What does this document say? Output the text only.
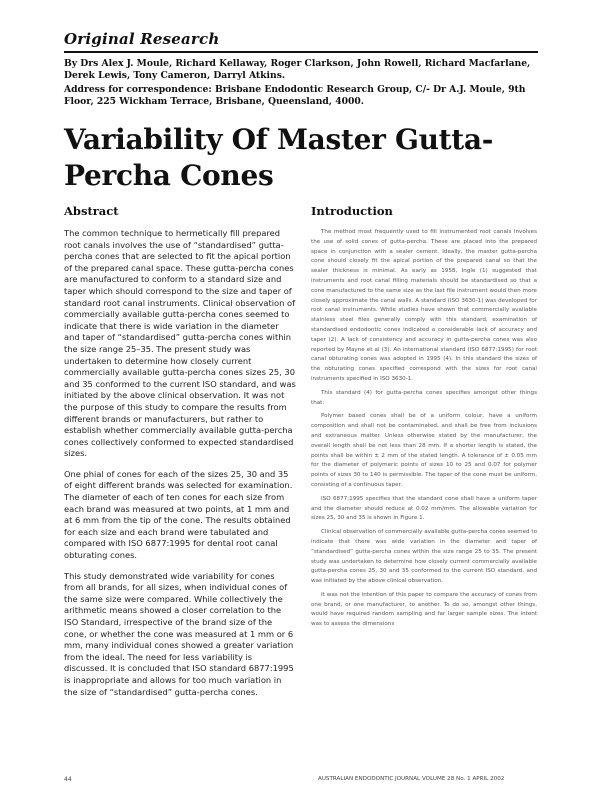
Original Research
By Drs Alex J. Moule, Richard Kellaway, Roger Clarkson, John Rowell, Richard Macfarlane, Derek Lewis, Tony Cameron, Darryl Atkins.
Address for correspondence: Brisbane Endodontic Research Group, C/- Dr A.J. Moule, 9th Floor, 225 Wickham Terrace, Brisbane, Queensland, 4000.
Variability Of Master Gutta-Percha Cones
Abstract	Introduction

The common technique to hermetically fill prepared root canals involves the use of “standardised” gutta-percha cones that are selected to fit the apical portion of the prepared canal space. These gutta-percha cones are manufactured to conform to a standard size and taper which should correspond to the size and taper of standard root canal instruments. Clinical observation of commercially available gutta-percha cones seemed to indicate that there is wide variation in the diameter and taper of “standardised” gutta-percha cones within the size range 25–35. The present study was undertaken to determine how closely current commercially available gutta-percha cones sizes 25, 30 and 35 conformed to the current ISO standard, and was initiated by the above clinical observation. It was not the purpose of this study to compare the results from different brands or manufacturers, but rather to establish whether commercially available gutta-percha cones collectively conformed to expected standardised sizes.

One phial of cones for each of the sizes 25, 30 and 35 of eight different brands was selected for examination. The diameter of each of ten cones for each size from each brand was measured at two points, at 1 mm and at 6 mm from the tip of the cone. The results obtained for each size and each brand were tabulated and compared with ISO 6877:1995 for dental root canal obturating cones.

This study demonstrated wide variability for cones from all brands, for all sizes, when individual cones of the same size were compared. While collectively the arithmetic means showed a closer correlation to the ISO Standard, irrespective of the brand size of the cone, or whether the cone was measured at 1 mm or 6 mm, many individual cones showed a greater variation from the ideal. The need for less variability is discussed. It is concluded that ISO standard 6877:1995 is inappropriate and allows for too much variation in the size of “standardised” gutta-percha cones.

The method most frequently used to fill instrumented root canals involves the use of solid cones of gutta-percha. These are placed into the prepared space in conjunction with a sealer cement. Ideally, the master gutta-percha cone should closely fit the apical portion of the prepared canal so that the sealer thickness is minimal. As early as 1958, Ingle (1) suggested that instruments and root canal filling materials should be standardised so that a cone manufactured to the same size as the last file instrument would then more closely approximate the canal walls. A standard (ISO 3630-1) was developed for root canal instruments. While studies have shown that commercially available stainless steel files generally comply with this standard, examination of standardised endodontic cones indicated a considerable lack of accuracy and taper (2). A lack of consistency and accuracy in gutta-percha cones was also reported by Mayne et al (3). An international standard (ISO 6877:1995) for root canal obturating cones was adopted in 1995 (4). In this standard the sizes of the obturating cones specified correspond with the sizes for root canal instruments specified in ISO 3630-1.

This standard (4) for gutta-percha cones specifies amongst other things that:

Polymer based cones shall be of a uniform colour, have a uniform composition and shall not be contaminated, and shall be free from inclusions and extraneous matter. Unless otherwise stated by the manufacturer, the overall length shall be not less than 28 mm. If a shorter length is stated, the points shall be within ± 2 mm of the stated length. A tolerance of ± 0.05 mm for the diameter of polymeric points of sizes 10 to 25 and 0.07 for polymer points of sizes 30 to 140 is permissible. The taper of the cone must be uniform, consisting of a continuous taper.

ISO 6877:1995 specifies that the standard cone shall have a uniform taper and the diameter should reduce at 0.02 mm/mm. The allowable variation for sizes 25, 30 and 35 is shown in Figure 1.

Clinical observation of commercially available gutta-percha cones seemed to indicate that there was wide variation in the diameter and taper of “standardised” gutta-percha cones within the size range 25 to 35. The present study was undertaken to determine how closely current commercially available gutta-percha cones 25, 30 and 35 conformed to the current ISO standard, and was initiated by the above clinical observation.

It was not the intention of this paper to compare the accuracy of cones from one brand, or one manufacturer, to another. To do so, amongst other things, would have required random sampling and far larger sample sizes. The intent was to assess the dimensions

44	AUSTRALIAN ENDODONTIC JOURNAL VOLUME 28 No. 1 APRIL 2002
